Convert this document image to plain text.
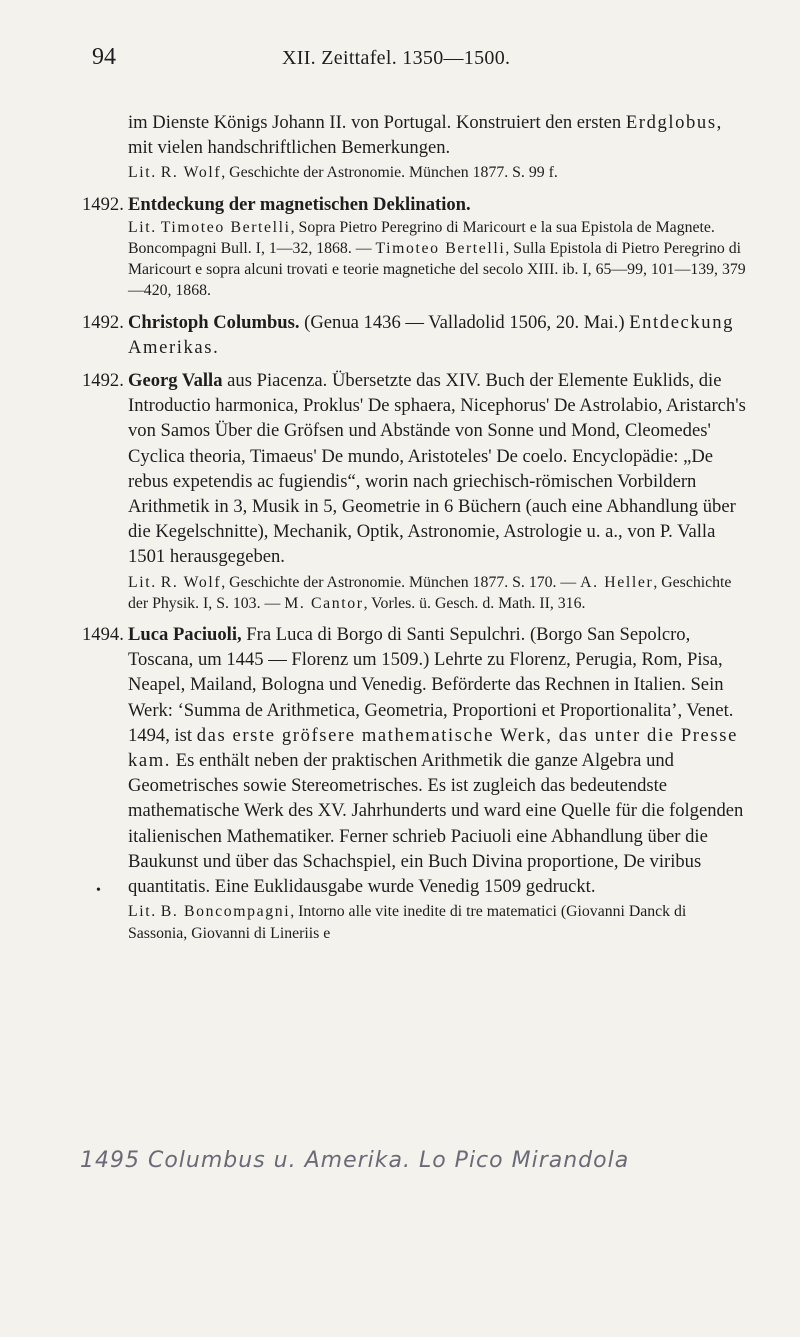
94	XII. Zeittafel. 1350—1500.
im Dienste Königs Johann II. von Portugal. Konstruiert den ersten Erdglobus, mit vielen handschriftlichen Bemerkungen.
Lit. R. Wolf, Geschichte der Astronomie. München 1877. S. 99 f.
1492. Entdeckung der magnetischen Deklination.
Lit. Timoteo Bertelli, Sopra Pietro Peregrino di Maricourt e la sua Epistola de Magnete. Boncompagni Bull. I, 1—32, 1868. — Timoteo Bertelli, Sulla Epistola di Pietro Peregrino di Maricourt e sopra alcuni trovati e teorie magnetiche del secolo XIII. ib. I, 65—99, 101—139, 379—420, 1868.
1492. Christoph Columbus. (Genua 1436 — Valladolid 1506, 20. Mai.) Entdeckung Amerikas.
1492.
•
Georg Valla aus Piacenza. Übersetzte das XIV. Buch der Elemente Euklids, die Introductio harmonica, Proklus' De sphaera, Nicephorus' De Astrolabio, Aristarch's von Samos Über die Gröfsen und Abstände von Sonne und Mond, Cleomedes' Cyclica theoria, Timaeus' De mundo, Aristoteles' De coelo. Encyclopädie: „De rebus expetendis ac fugiendis“, worin nach griechisch-römischen Vorbildern Arithmetik in 3, Musik in 5, Geometrie in 6 Büchern (auch eine Abhandlung über die Kegelschnitte), Mechanik, Optik, Astronomie, Astrologie u. a., von P. Valla 1501 herausgegeben.
Lit. R. Wolf, Geschichte der Astronomie. München 1877. S. 170. — A. Heller, Geschichte der Physik. I, S. 103. — M. Cantor, Vorles. ü. Gesch. d. Math. II, 316.
1494. Luca Paciuoli, Fra Luca di Borgo di Santi Sepulchri. (Borgo San Sepolcro, Toscana, um 1445 — Florenz um 1509.) Lehrte zu Florenz, Perugia, Rom, Pisa, Neapel, Mailand, Bologna und Venedig. Beförderte das Rechnen in Italien. Sein Werk: ‘Summa de Arithmetica, Geometria, Proportioni et Proportionalita’, Venet. 1494, ist das erste gröfsere mathematische Werk, das unter die Presse kam. Es enthält neben der praktischen Arithmetik die ganze Algebra und Geometrisches sowie Stereometrisches. Es ist zugleich das bedeutendste mathematische Werk des XV. Jahrhunderts und ward eine Quelle für die folgenden italienischen Mathematiker. Ferner schrieb Paciuoli eine Abhandlung über die Baukunst und über das Schachspiel, ein Buch Divina proportione, De viribus quantitatis. Eine Euklidausgabe wurde Venedig 1509 gedruckt.
Lit. B. Boncompagni, Intorno alle vite inedite di tre matematici (Giovanni Danck di Sassonia, Giovanni di Lineriis e
1495 Columbus u. Amerika. Lo Pico Mirandola
